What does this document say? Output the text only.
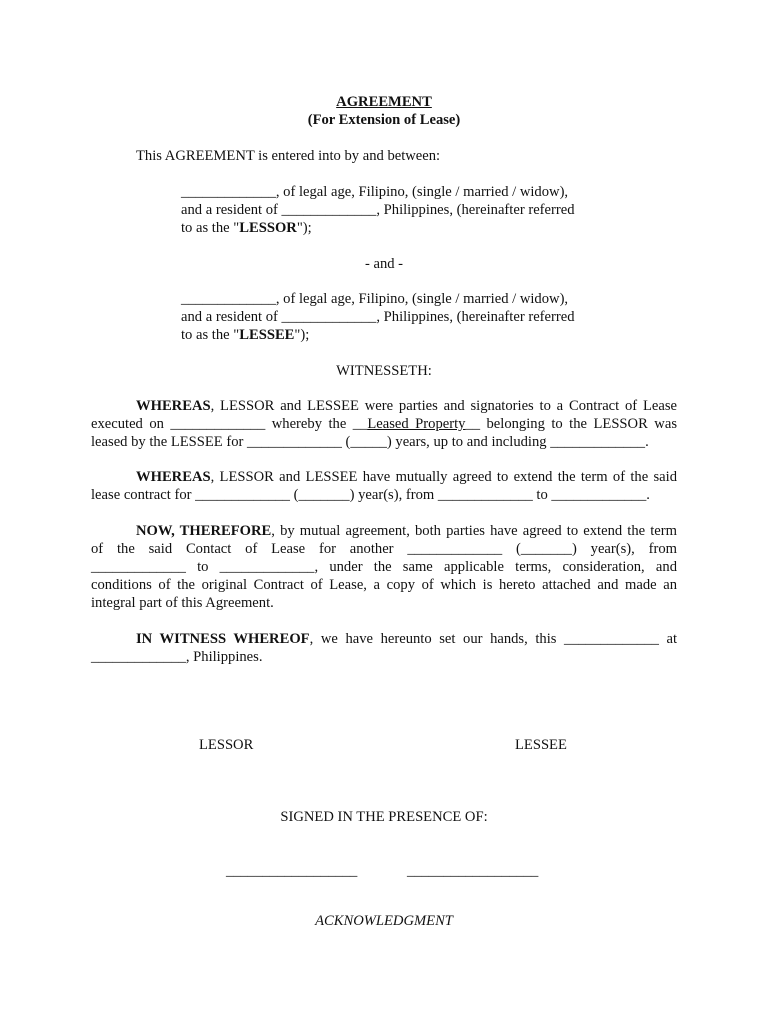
AGREEMENT
(For Extension of Lease)
This AGREEMENT is entered into by and between:
_____________, of legal age, Filipino, (single / married / widow),
and a resident of _____________, Philippines, (hereinafter referred
to as the "LESSOR");
- and -
_____________, of legal age, Filipino, (single / married / widow),
and a resident of _____________, Philippines, (hereinafter referred
to as the "LESSEE");
WITNESSETH:
WHEREAS, LESSOR and LESSEE were parties and signatories to a Contract of Lease
executed on _____________ whereby the __Leased Property__ belonging to the LESSOR was
leased by the LESSEE for _____________ (_____) years, up to and including _____________.
WHEREAS, LESSOR and LESSEE have mutually agreed to extend the term of the said
lease contract for _____________ (_______) year(s), from _____________ to _____________.
NOW, THEREFORE, by mutual agreement, both parties have agreed to extend the term
of the said Contact of Lease for another _____________ (_______) year(s), from
_____________ to _____________, under the same applicable terms, consideration, and
conditions of the original Contract of Lease, a copy of which is hereto attached and made an
integral part of this Agreement.
IN WITNESS WHEREOF, we have hereunto set our hands, this _____________ at
_____________, Philippines.
LESSOR	LESSEE
SIGNED IN THE PRESENCE OF:
__________________	__________________
ACKNOWLEDGMENT
